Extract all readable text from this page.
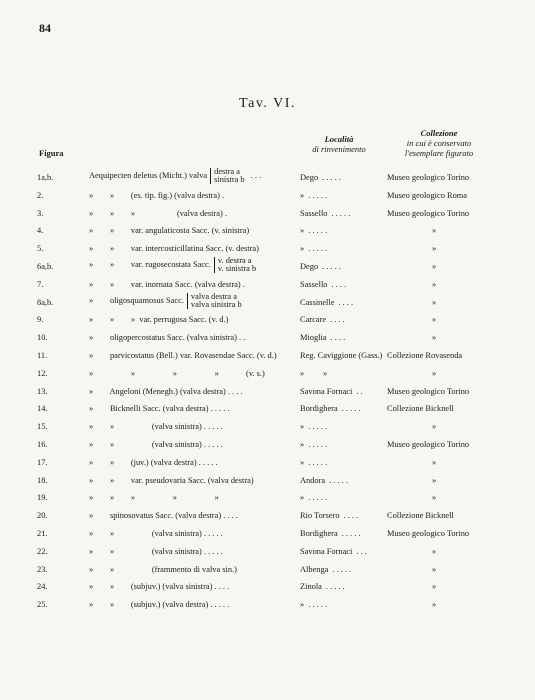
84
Tav. VI.
Figura
Località
di rinvenimento
Collezione
in cui è conservato
l'esemplare figurato
1a,b.	Aequipecten deletus (Micht.) valva destra a
sinistra b . . .	Dego . . . . .	Museo geologico Torino
2.	»        »        (es. tip. fig.) (valva destra) .	» . . . . .	Museo geologico Roma
3.	»        »        »                    (valva destra) .	Sassello . . . . .	Museo geologico Torino
4.	»        »        var. angulaticosta Sacc. (v. sinistra)	» . . . . .	»
5.	»        »        var. intercosticillatina Sacc. (v. destra)	» . . . . .	»
6a,b.	»        »        var. rugosecostata Sacc. v. destra a
v. sinistra b	Dego . . . . .	»
7.	»        »        var. inornata Sacc. (valva destra) .	Sassello . . . .	»
8a,b.	»        oligosquamosus Sacc. valva destra a
valva sinistra b	Cassinelle . . . .	»
9.	»        »        »  var. perrugosa Sacc. (v. d.)	Carcare . . . .	»
10.	»        oligopercostatus Sacc. (valva sinistra) . .	Mioglia . . . .	»
11.	»        parvicostatus (Bell.) var. Rovasendae Sacc. (v. d.)	Reg. Caviggione (Gass.) Collezione Rovasenda
12.	»                  »                  »                  »             (v. s.)	»         »	»
13.	»        Angeloni (Menegh.) (valva destra) . . . .	Savona Fornaci . .	Museo geologico Torino
14.	»        Bicknelli Sacc. (valva destra) . . . . .	Bordighera . . . . .	Collezione Bicknell
15.	»        »                  (valva sinistra) . . . . .	» . . . . .	»
16.	»        »                  (valva sinistra) . . . . .	» . . . . .	Museo geologico Torino
17.	»        »        (juv.) (valva destra) . . . . .	» . . . . .	»
18.	»        »        var. pseudovaria Sacc. (valva destra)	Andora . . . . .	»
19.	»        »        »                  »                  »	» . . . . .	»
20.	»        spinosovatus Sacc. (valva destra) . . . .	Rio Torsero . . . .	Collezione Bicknell
21.	»        »                  (valva sinistra) . . . . .	Bordighera . . . . .	Museo geologico Torino
22.	»        »                  (valva sinistra) . . . . .	Savona Fornaci . . .	»
23.	»        »                  (frammento di valva sin.)	Albenga . . . . .	»
24.	»        »        (subjuv.) (valva sinistra) . . . .	Zinola . . . . .	»
25.	»        »        (subjuv.) (valva destra) . . . . .	» . . . . .	»
